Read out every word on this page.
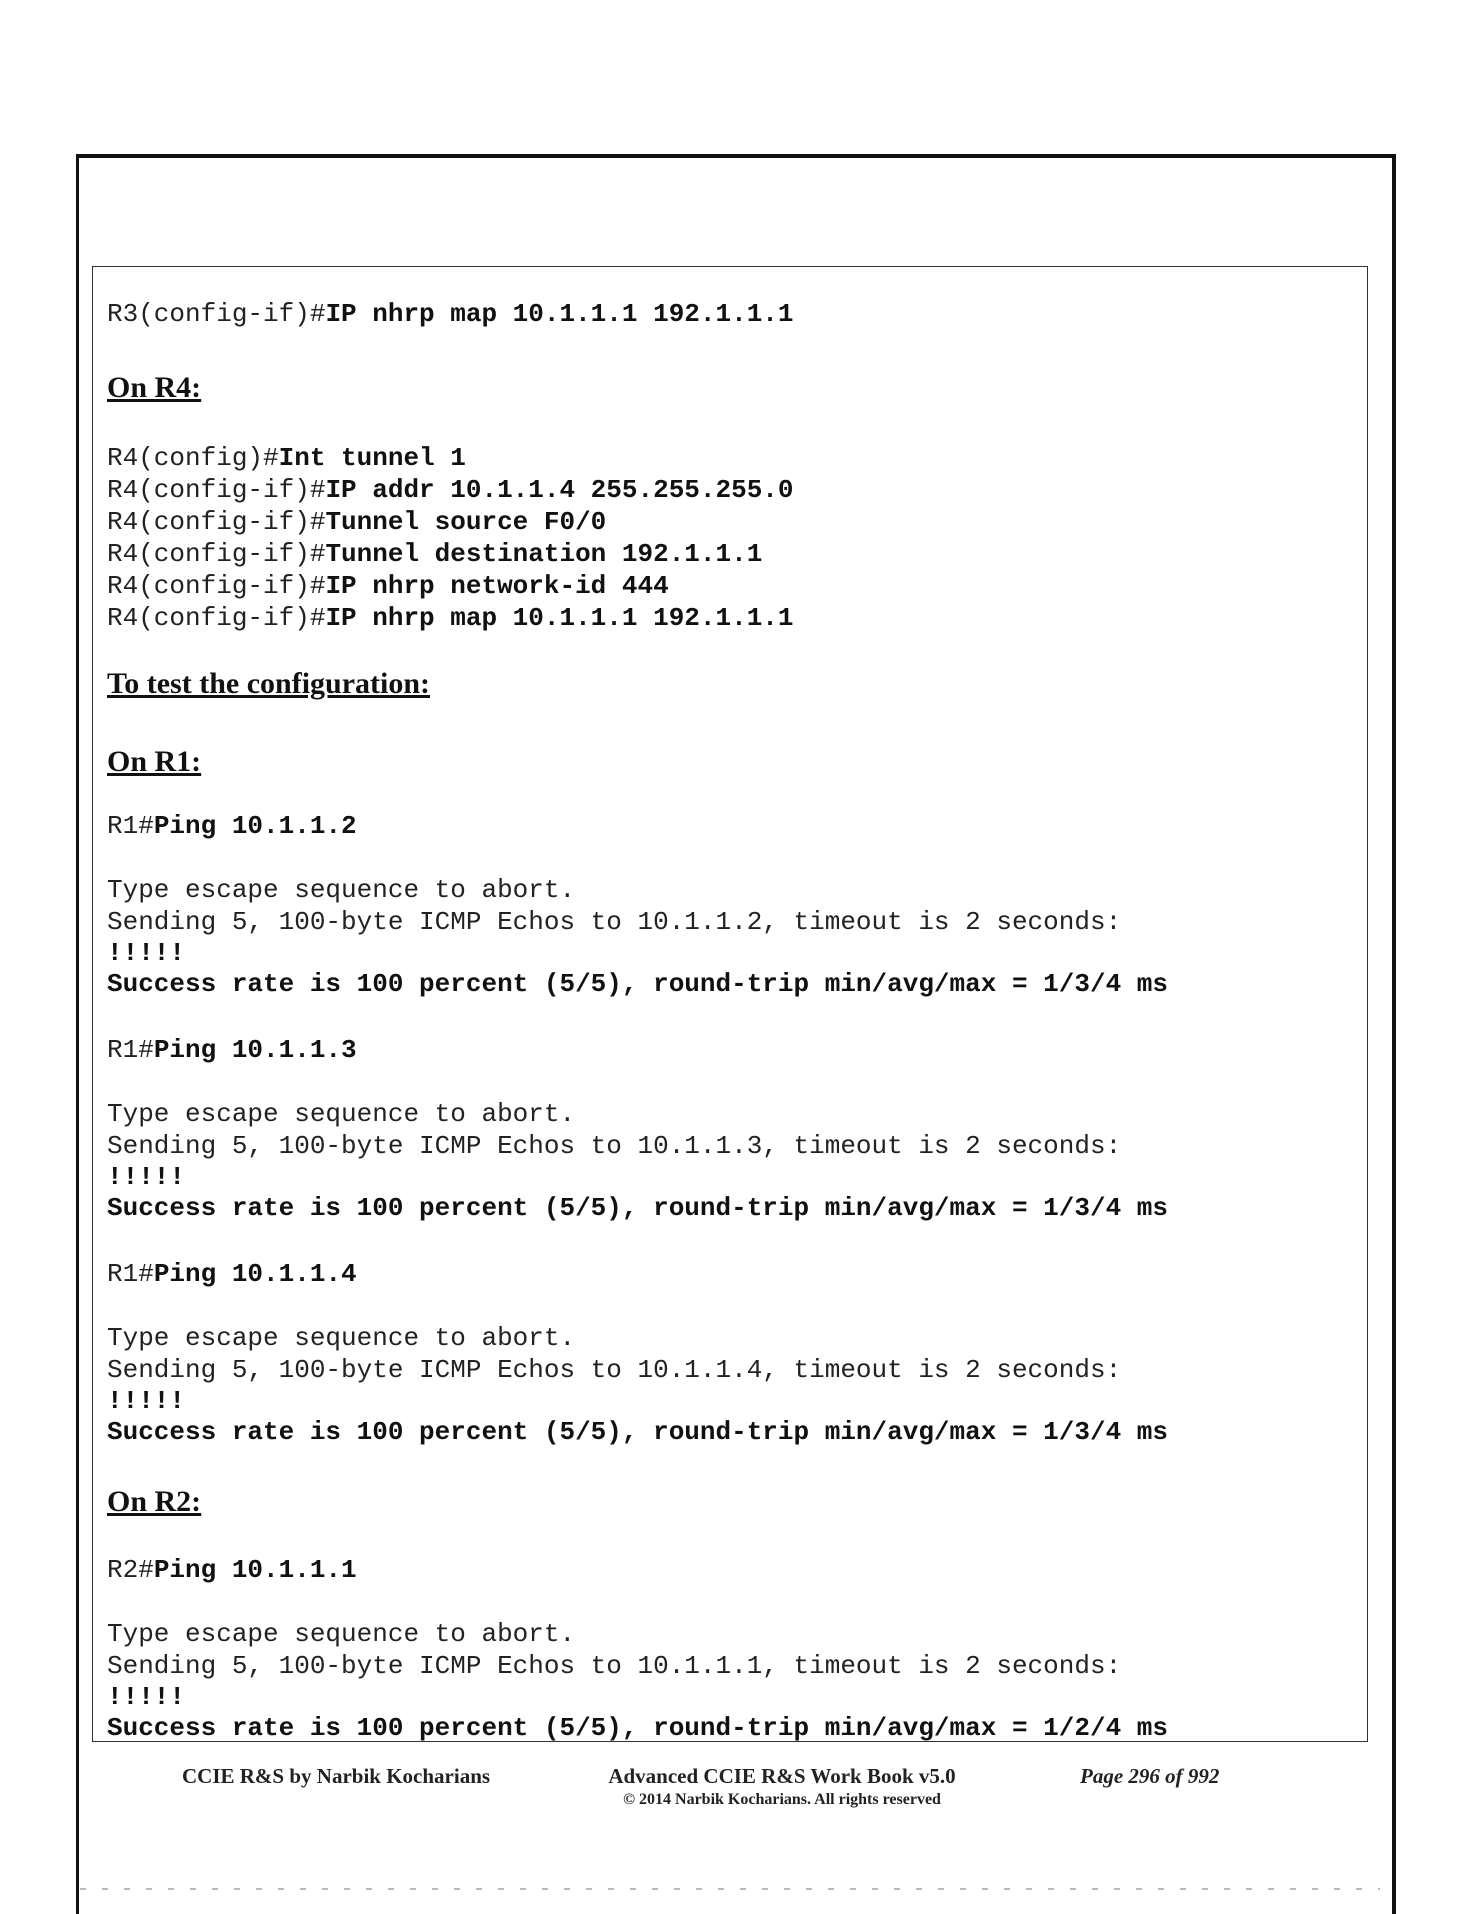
R3(config-if)#IP nhrp map 10.1.1.1 192.1.1.1
On R4:
R4(config)#Int tunnel 1
R4(config-if)#IP addr 10.1.1.4 255.255.255.0
R4(config-if)#Tunnel source F0/0
R4(config-if)#Tunnel destination 192.1.1.1
R4(config-if)#IP nhrp network-id 444
R4(config-if)#IP nhrp map 10.1.1.1 192.1.1.1
To test the configuration:
On R1:
R1#Ping 10.1.1.2
Type escape sequence to abort.
Sending 5, 100-byte ICMP Echos to 10.1.1.2, timeout is 2 seconds:
!!!!!
Success rate is 100 percent (5/5), round-trip min/avg/max = 1/3/4 ms
R1#Ping 10.1.1.3
Type escape sequence to abort.
Sending 5, 100-byte ICMP Echos to 10.1.1.3, timeout is 2 seconds:
!!!!!
Success rate is 100 percent (5/5), round-trip min/avg/max = 1/3/4 ms
R1#Ping 10.1.1.4
Type escape sequence to abort.
Sending 5, 100-byte ICMP Echos to 10.1.1.4, timeout is 2 seconds:
!!!!!
Success rate is 100 percent (5/5), round-trip min/avg/max = 1/3/4 ms
On R2:
R2#Ping 10.1.1.1
Type escape sequence to abort.
Sending 5, 100-byte ICMP Echos to 10.1.1.1, timeout is 2 seconds:
!!!!!
Success rate is 100 percent (5/5), round-trip min/avg/max = 1/2/4 ms
CCIE R&S by Narbik Kocharians	Advanced CCIE R&S Work Book v5.0
© 2014 Narbik Kocharians. All rights reserved
Page 296 of 992
